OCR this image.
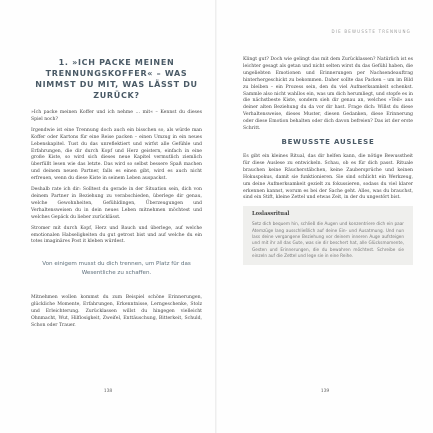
1. »ICH PACKE MEINEN TRENNUNGSKOFFER« – WAS NIMMST DU MIT, WAS LÄSST DU ZURÜCK?

»Ich packe meinen Koffer und ich nehme … mit« – Kennst du dieses Spiel noch?

Irgendwie ist eine Trennung doch auch ein bisschen so, als würde man Koffer oder Kartons für eine Reise packen – einen Umzug in ein neues Lebenskapitel. Tust du das unreflektiert und wirfst alle Gefühle und Erfahrungen, die dir durch Kopf und Herz geistern, einfach in eine große Kiste, so wird sich dieses neue Kapitel vermutlich ziemlich überfüllt lesen wie das letzte. Das wird so selbst bessere Spaß machen und deinem neuen Partner, falls es einen gibt, wird es auch nicht erfreuen, wenn du diese Kiste in seinem Leben auspackst.

Deshalb rate ich dir: Solltest du gerade in der Situation sein, dich von deinem Partner in Beziehung zu verabschieden, überlege dir genau, welche Gewohnheiten, Gefühldingen, Überzeugungen und Verhaltensweisen du in dein neues Leben mitnehmen möchtest und welches Gepäck du lieber zurücklässt.

Stromer mit durch Kopf, Herz und Bauch und überlege, auf welche emotionalen Habseligkeiten du gut getrost bist und auf welche du ein totes imaginäres Post it kleben würdest.

Von einigem musst du dich trennen, um Platz für das Wesentliche zu schaffen.

Mitnehmen wollen kommst du zum Beispiel schöne Erinnerungen, glückliche Momente, Erfahrungen, Erkenntnisse, Lerngeschenke, Stolz und Erleichterung. Zurücklassen willst du hingegen vielleicht Ohnmacht, Wut, Hilflosigkeit, Zweifel, Enttäuschung, Bitterkeit, Schuld, Schon oder Trauer.

138
DIE BEWUSSTE TRENNUNG

Klingt gut? Doch wie gelingt das mit dem Zurücklassen? Natürlich ist es leichter gesagt als getan und nicht selten wirst du das Gefühl haben, die ungeliebten Emotionen und Erinnerungen per Nachsendeauftrag hinterhergeschickt zu bekommen. Daher sollte das Packen – um im Bild zu bleiben – ein Prozess sein, den du viel Aufmerksamkeit schenkst. Sammle also nicht wahllos ein, was um dich herumliegt, und stopfe es in die nächstbeste Kiste, sondern sieh dir genau an, welches »Teil« aus deiner alten Beziehung du da vor dir hast. Frage dich: Willst du diese Verhaltensweise, dieses Muster, diesen Gedanken, diese Erinnerung oder diese Emotion behalten oder dich davon befreien? Das ist der erste Schritt.

BEWUSSTE AUSLESE

Es gibt ein kleines Ritual, das dir helfen kann, die nötige Bewusstheit für diese Auslese zu entwickeln. Schau, ob es für dich passt. Rituale brauchen keine Räucherstäbchen, keine Zaubersprüche und keinen Hokuspokus, damit sie funktionieren. Sie sind schlicht ein Werkzeug, um deine Aufmerksamkeit gezielt zu fokussieren, sodass du viel klarer erkennen kannst, worum es bei der Sache geht. Alles, was du brauchst, sind ein Stift, kleine Zettel und etwas Zeit, in der du ungestört bist.

Loslassritual
Setz dich bequem hin, schließ die Augen und konzentriere dich ein paar Atemzüge lang ausschließlich auf deine Ein- und Ausatmung. Und nun lass deine vergangene Beziehung vor deinem inneren Auge aufsteigen und mit ihr all das Gute, was sie dir beschert hat, alle Glücksmomente, Gesten und Erinnerungen, die du bewahren möchtest. Schreibe sie einzeln auf die Zettel und lege sie in eine Reihe.
139
